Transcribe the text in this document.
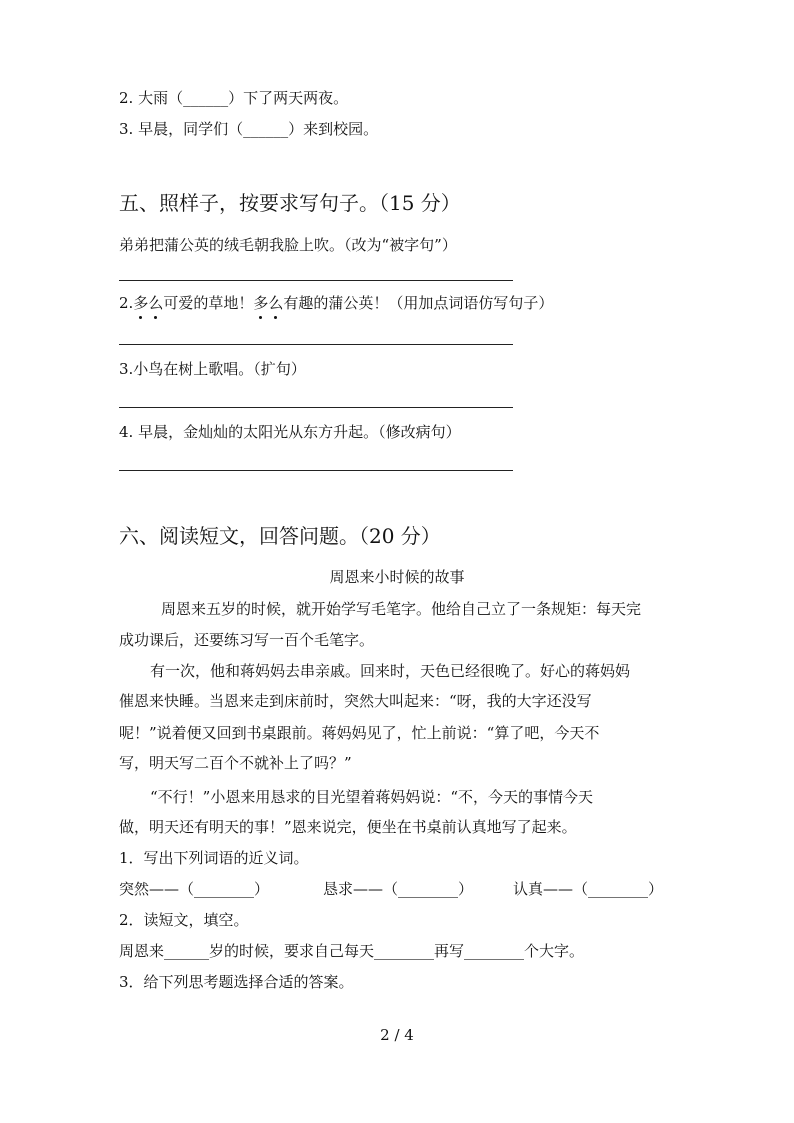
2. 大雨（______）下了两天两夜。
3. 早晨，同学们（______）来到校园。
五、照样子，按要求写句子。（15 分）
弟弟把蒲公英的绒毛朝我脸上吹。（改为“被字句”）
2.多么可爱的草地！多么有趣的蒲公英！（用加点词语仿写句子）
3.小鸟在树上歌唱。（扩句）
4. 早晨，金灿灿的太阳光从东方升起。（修改病句）
六、阅读短文，回答问题。（20 分）
周恩来小时候的故事
周恩来五岁的时候，就开始学写毛笔字。他给自己立了一条规矩：每天完
成功课后，还要练习写一百个毛笔字。
有一次，他和蒋妈妈去串亲戚。回来时，天色已经很晚了。好心的蒋妈妈
催恩来快睡。当恩来走到床前时，突然大叫起来：“呀，我的大字还没写
呢！”说着便又回到书桌跟前。蒋妈妈见了，忙上前说：“算了吧，今天不
写，明天写二百个不就补上了吗？”
“不行！”小恩来用恳求的目光望着蒋妈妈说：“不，今天的事情今天
做，明天还有明天的事！”恩来说完，便坐在书桌前认真地写了起来。
1．写出下列词语的近义词。
突然——（________）	恳求——（________）	认真——（________）
2．读短文，填空。
周恩来______岁的时候，要求自己每天________再写________个大字。
3．给下列思考题选择合适的答案。
2 / 4
